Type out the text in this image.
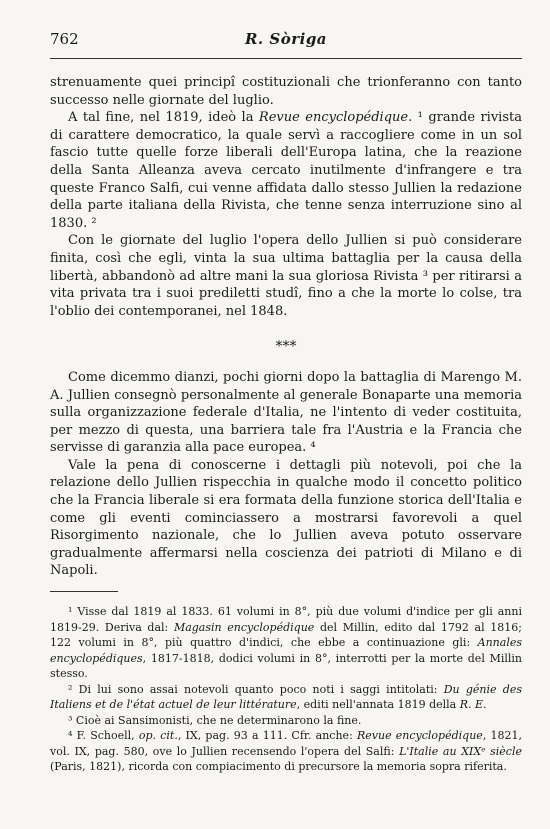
762	R. Sòriga

strenuamente quei principî costituzionali che trionferanno con tanto successo nelle giornate del luglio.

A tal fine, nel 1819, ideò la Revue encyclopédique. ¹ grande rivista di carattere democratico, la quale servì a raccogliere come in un sol fascio tutte quelle forze liberali dell'Europa latina, che la reazione della Santa Alleanza aveva cercato inutilmente d'infrangere e tra queste Franco Salfi, cui venne affidata dallo stesso Jullien la redazione della parte italiana della Rivista, che tenne senza interruzione sino al 1830. ²

Con le giornate del luglio l'opera dello Jullien si può considerare finita, così che egli, vinta la sua ultima battaglia per la causa della libertà, abbandonò ad altre mani la sua gloriosa Rivista ³ per ritirarsi a vita privata tra i suoi prediletti studî, fino a che la morte lo colse, tra l'oblio dei contemporanei, nel 1848.

⁎⁎⁎

Come dicemmo dianzi, pochi giorni dopo la battaglia di Marengo M. A. Jullien consegnò personalmente al generale Bonaparte una memoria sulla organizzazione federale d'Italia, ne l'intento di veder costituita, per mezzo di questa, una barriera tale fra l'Austria e la Francia che servisse di garanzia alla pace europea. ⁴

Vale la pena di conoscerne i dettagli più notevoli, poi che la relazione dello Jullien rispecchia in qualche modo il concetto politico che la Francia liberale si era formata della funzione storica dell'Italia e come gli eventi cominciassero a mostrarsi favorevoli a quel Risorgimento nazionale, che lo Jullien aveva potuto osservare gradualmente affermarsi nella coscienza dei patrioti di Milano e di Napoli.

¹ Visse dal 1819 al 1833. 61 volumi in 8°, più due volumi d'indice per gli anni 1819-29. Deriva dal: Magasin encyclopédique del Millin, edito dal 1792 al 1816; 122 volumi in 8°, più quattro d'indici, che ebbe a continuazione gli: Annales encyclopédiques, 1817-1818, dodici volumi in 8°, interrotti per la morte del Millin stesso.

² Di lui sono assai notevoli quanto poco noti i saggi intitolati: Du génie des Italiens et de l'état actuel de leur littérature, editi nell'annata 1819 della R. E.

³ Cioè ai Sansimonisti, che ne determinarono la fine.

⁴ F. Schoell, op. cit., IX, pag. 93 a 111. Cfr. anche: Revue encyclopédique, 1821, vol. IX, pag. 580, ove lo Jullien recensendo l'opera del Salfi: L'Italie au XIXᵉ siècle (Paris, 1821), ricorda con compiacimento di precursore la memoria sopra riferita.
